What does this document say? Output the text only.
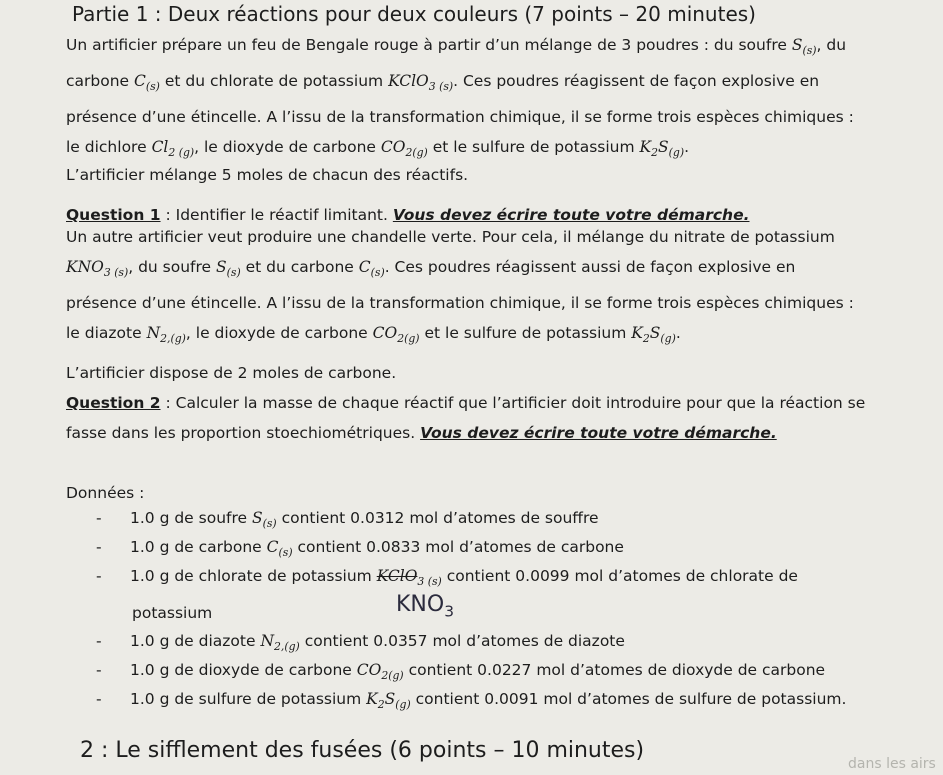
Partie 1 : Deux réactions pour deux couleurs (7 points – 20 minutes)
Un artificier prépare un feu de Bengale rouge à partir d’un mélange de 3 poudres : du soufre $S_{(s)}$, du
carbone $C_{(s)}$ et du chlorate de potassium KClO$_{3 (s)}$. Ces poudres réagissent de façon explosive en
présence d’une étincelle. A l’issu de la transformation chimique, il se forme trois espèces chimiques :
le dichlore $Cl_{2 (g)}$, le dioxyde de carbone $CO_{2(g)}$ et le sulfure de potassium $K_2S_{(g)}$.
L’artificier mélange 5 moles de chacun des réactifs.
Question 1 : Identifier le réactif limitant. Vous devez écrire toute votre démarche.
Un autre artificier veut produire une chandelle verte. Pour cela, il mélange du nitrate de potassium
$KNO_{3 (s)}$, du soufre $S_{(s)}$ et du carbone $C_{(s)}$. Ces poudres réagissent aussi de façon explosive en
présence d’une étincelle. A l’issu de la transformation chimique, il se forme trois espèces chimiques :
le diazote $N_{2,(g)}$, le dioxyde de carbone $CO_{2(g)}$ et le sulfure de potassium $K_2S_{(g)}$.
L’artificier dispose de 2 moles de carbone.
Question 2 : Calculer la masse de chaque réactif que l’artificier doit introduire pour que la réaction se
fasse dans les proportion stoechiométriques. Vous devez écrire toute votre démarche.
Données :
- 1.0 g de soufre $S_{(s)}$ contient 0.0312 mol d’atomes de souffre
- 1.0 g de carbone $C_{(s)}$ contient 0.0833 mol d’atomes de carbone
- 1.0 g de chlorate de potassium KClO$_{3 (s)}$ contient 0.0099 mol d’atomes de chlorate de
potassium
- 1.0 g de diazote $N_{2,(g)}$ contient 0.0357 mol d’atomes de diazote
- 1.0 g de dioxyde de carbone $CO_{2(g)}$ contient 0.0227 mol d’atomes de dioxyde de carbone
- 1.0 g de sulfure de potassium $K_2S_{(g)}$ contient 0.0091 mol d’atomes de sulfure de potassium.
$KNO_3$
2 : Le sifflement des fusées (6 points – 10 minutes)
dans les airs
